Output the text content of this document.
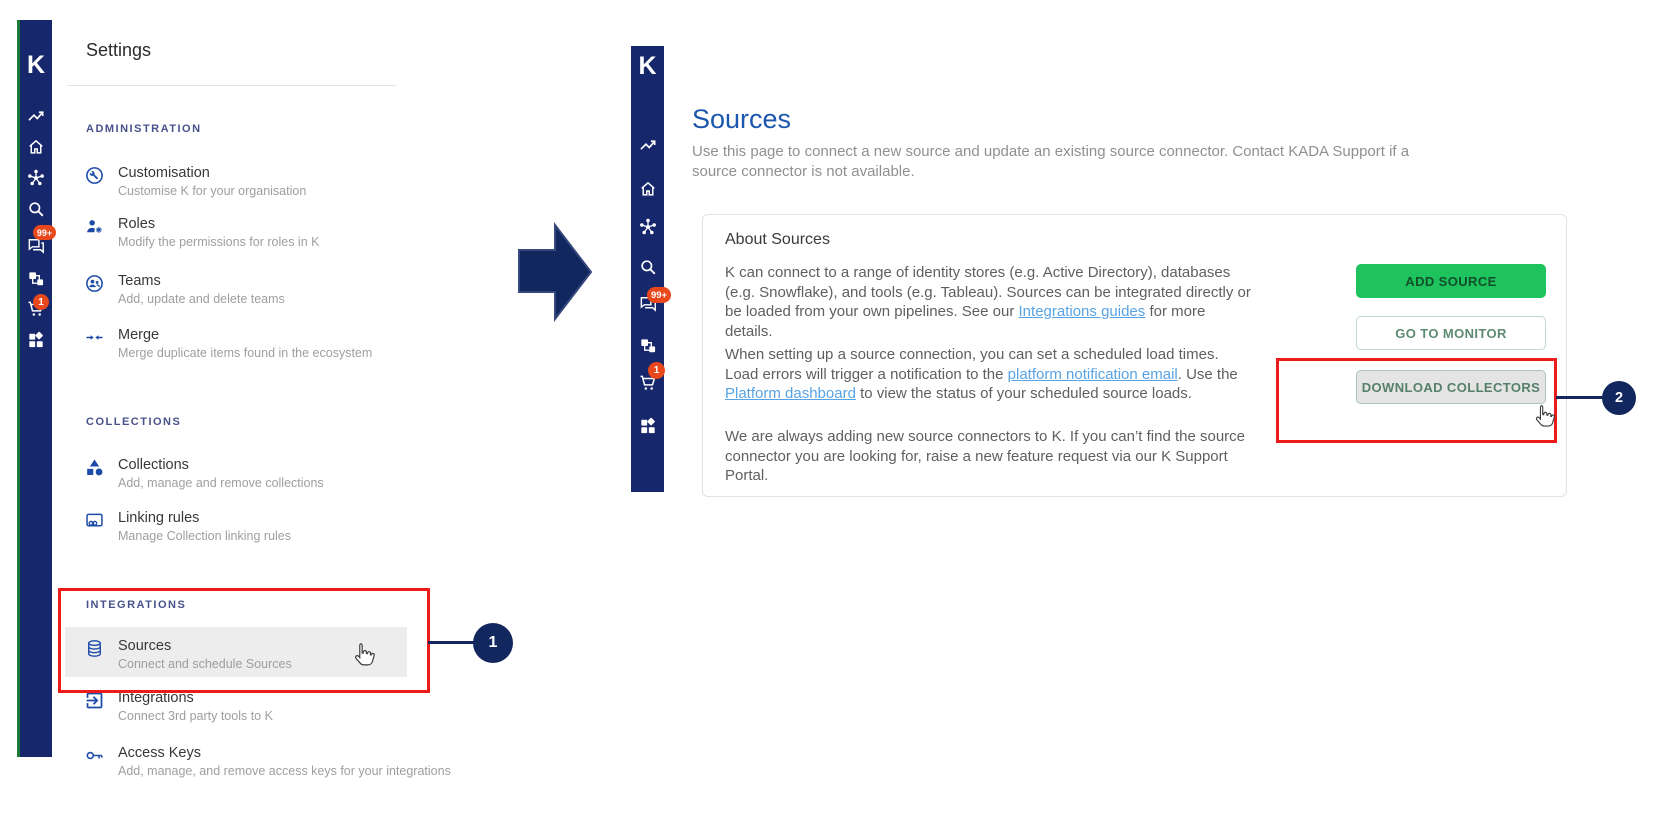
K
99+
1
Settings
ADMINISTRATION
Customisation
Customise K for your organisation
Roles
Modify the permissions for roles in K
Teams
Add, update and delete teams
Merge
Merge duplicate items found in the ecosystem
COLLECTIONS
Collections
Add, manage and remove collections
Linking rules
Manage Collection linking rules
INTEGRATIONS
Sources
Connect and schedule Sources
Integrations
Connect 3rd party tools to K
Access Keys
Add, manage, and remove access keys for your integrations
1
K
99+
1
Sources
Use this page to connect a new source and update an existing source connector. Contact KADA Support if a source connector is not available.
About Sources
K can connect to a range of identity stores (e.g. Active Directory), databases (e.g. Snowflake), and tools (e.g. Tableau). Sources can be integrated directly or be loaded from your own pipelines. See our Integrations guides for more details.
When setting up a source connection, you can set a scheduled load times. Load errors will trigger a notification to the platform notification email. Use the Platform dashboard to view the status of your scheduled source loads.
We are always adding new source connectors to K. If you can’t find the source connector you are looking for, raise a new feature request via our K Support Portal.
ADD SOURCE
GO TO MONITOR
DOWNLOAD COLLECTORS
2
